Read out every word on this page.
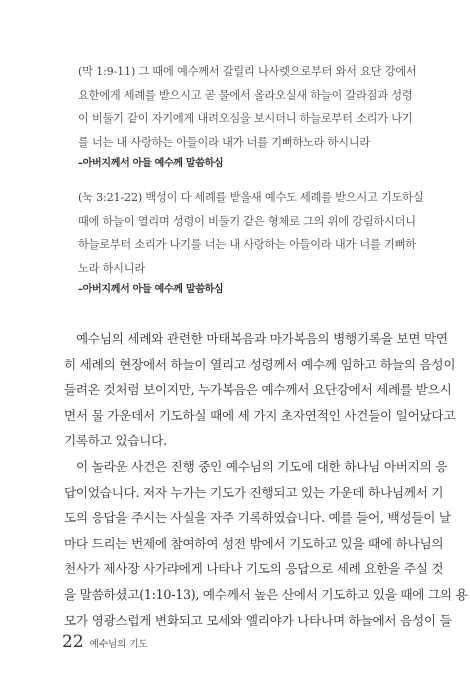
(막 1:9-11) 그 때에 예수께서 갈릴리 나사렛으로부터 와서 요단 강에서
요한에게 세례를 받으시고 곧 물에서 올라오실새 하늘이 갈라짐과 성령
이 비둘기 같이 자기에게 내려오심을 보시더니 하늘로부터 소리가 나기
를 너는 내 사랑하는 아들이라 내가 너를 기뻐하노라 하시니라
–아버지께서 아들 예수께 말씀하심
(눅 3:21-22) 백성이 다 세례를 받을새 예수도 세례를 받으시고 기도하실
때에 하늘이 열리며 성령이 비둘기 같은 형체로 그의 위에 강림하시더니
하늘로부터 소리가 나기를 너는 내 사랑하는 아들이라 내가 너를 기뻐하
노라 하시니라
–아버지께서 아들 예수께 말씀하심
예수님의 세례와 관련한 마태복음과 마가복음의 병행기록을 보면 막연
히 세례의 현장에서 하늘이 열리고 성령께서 예수께 임하고 하늘의 음성이
들려온 것처럼 보이지만, 누가복음은 예수께서 요단강에서 세례를 받으시
면서 물 가운데서 기도하실 때에 세 가지 초자연적인 사건들이 일어났다고
기록하고 있습니다.
이 놀라운 사건은 진행 중인 예수님의 기도에 대한 하나님 아버지의 응
답이었습니다. 저자 누가는 기도가 진행되고 있는 가운데 하나님께서 기
도의 응답을 주시는 사실을 자주 기록하였습니다. 예를 들어, 백성들이 날
마다 드리는 번제에 참여하여 성전 밖에서 기도하고 있을 때에 하나님의
천사가 제사장 사가랴에게 나타나 기도의 응답으로 세례 요한을 주실 것
을 말씀하셨고(1:10-13), 예수께서 높은 산에서 기도하고 있을 때에 그의 용
모가 영광스럽게 변화되고 모세와 엘리야가 나타나며 하늘에서 음성이 들
22 예수님의 기도
